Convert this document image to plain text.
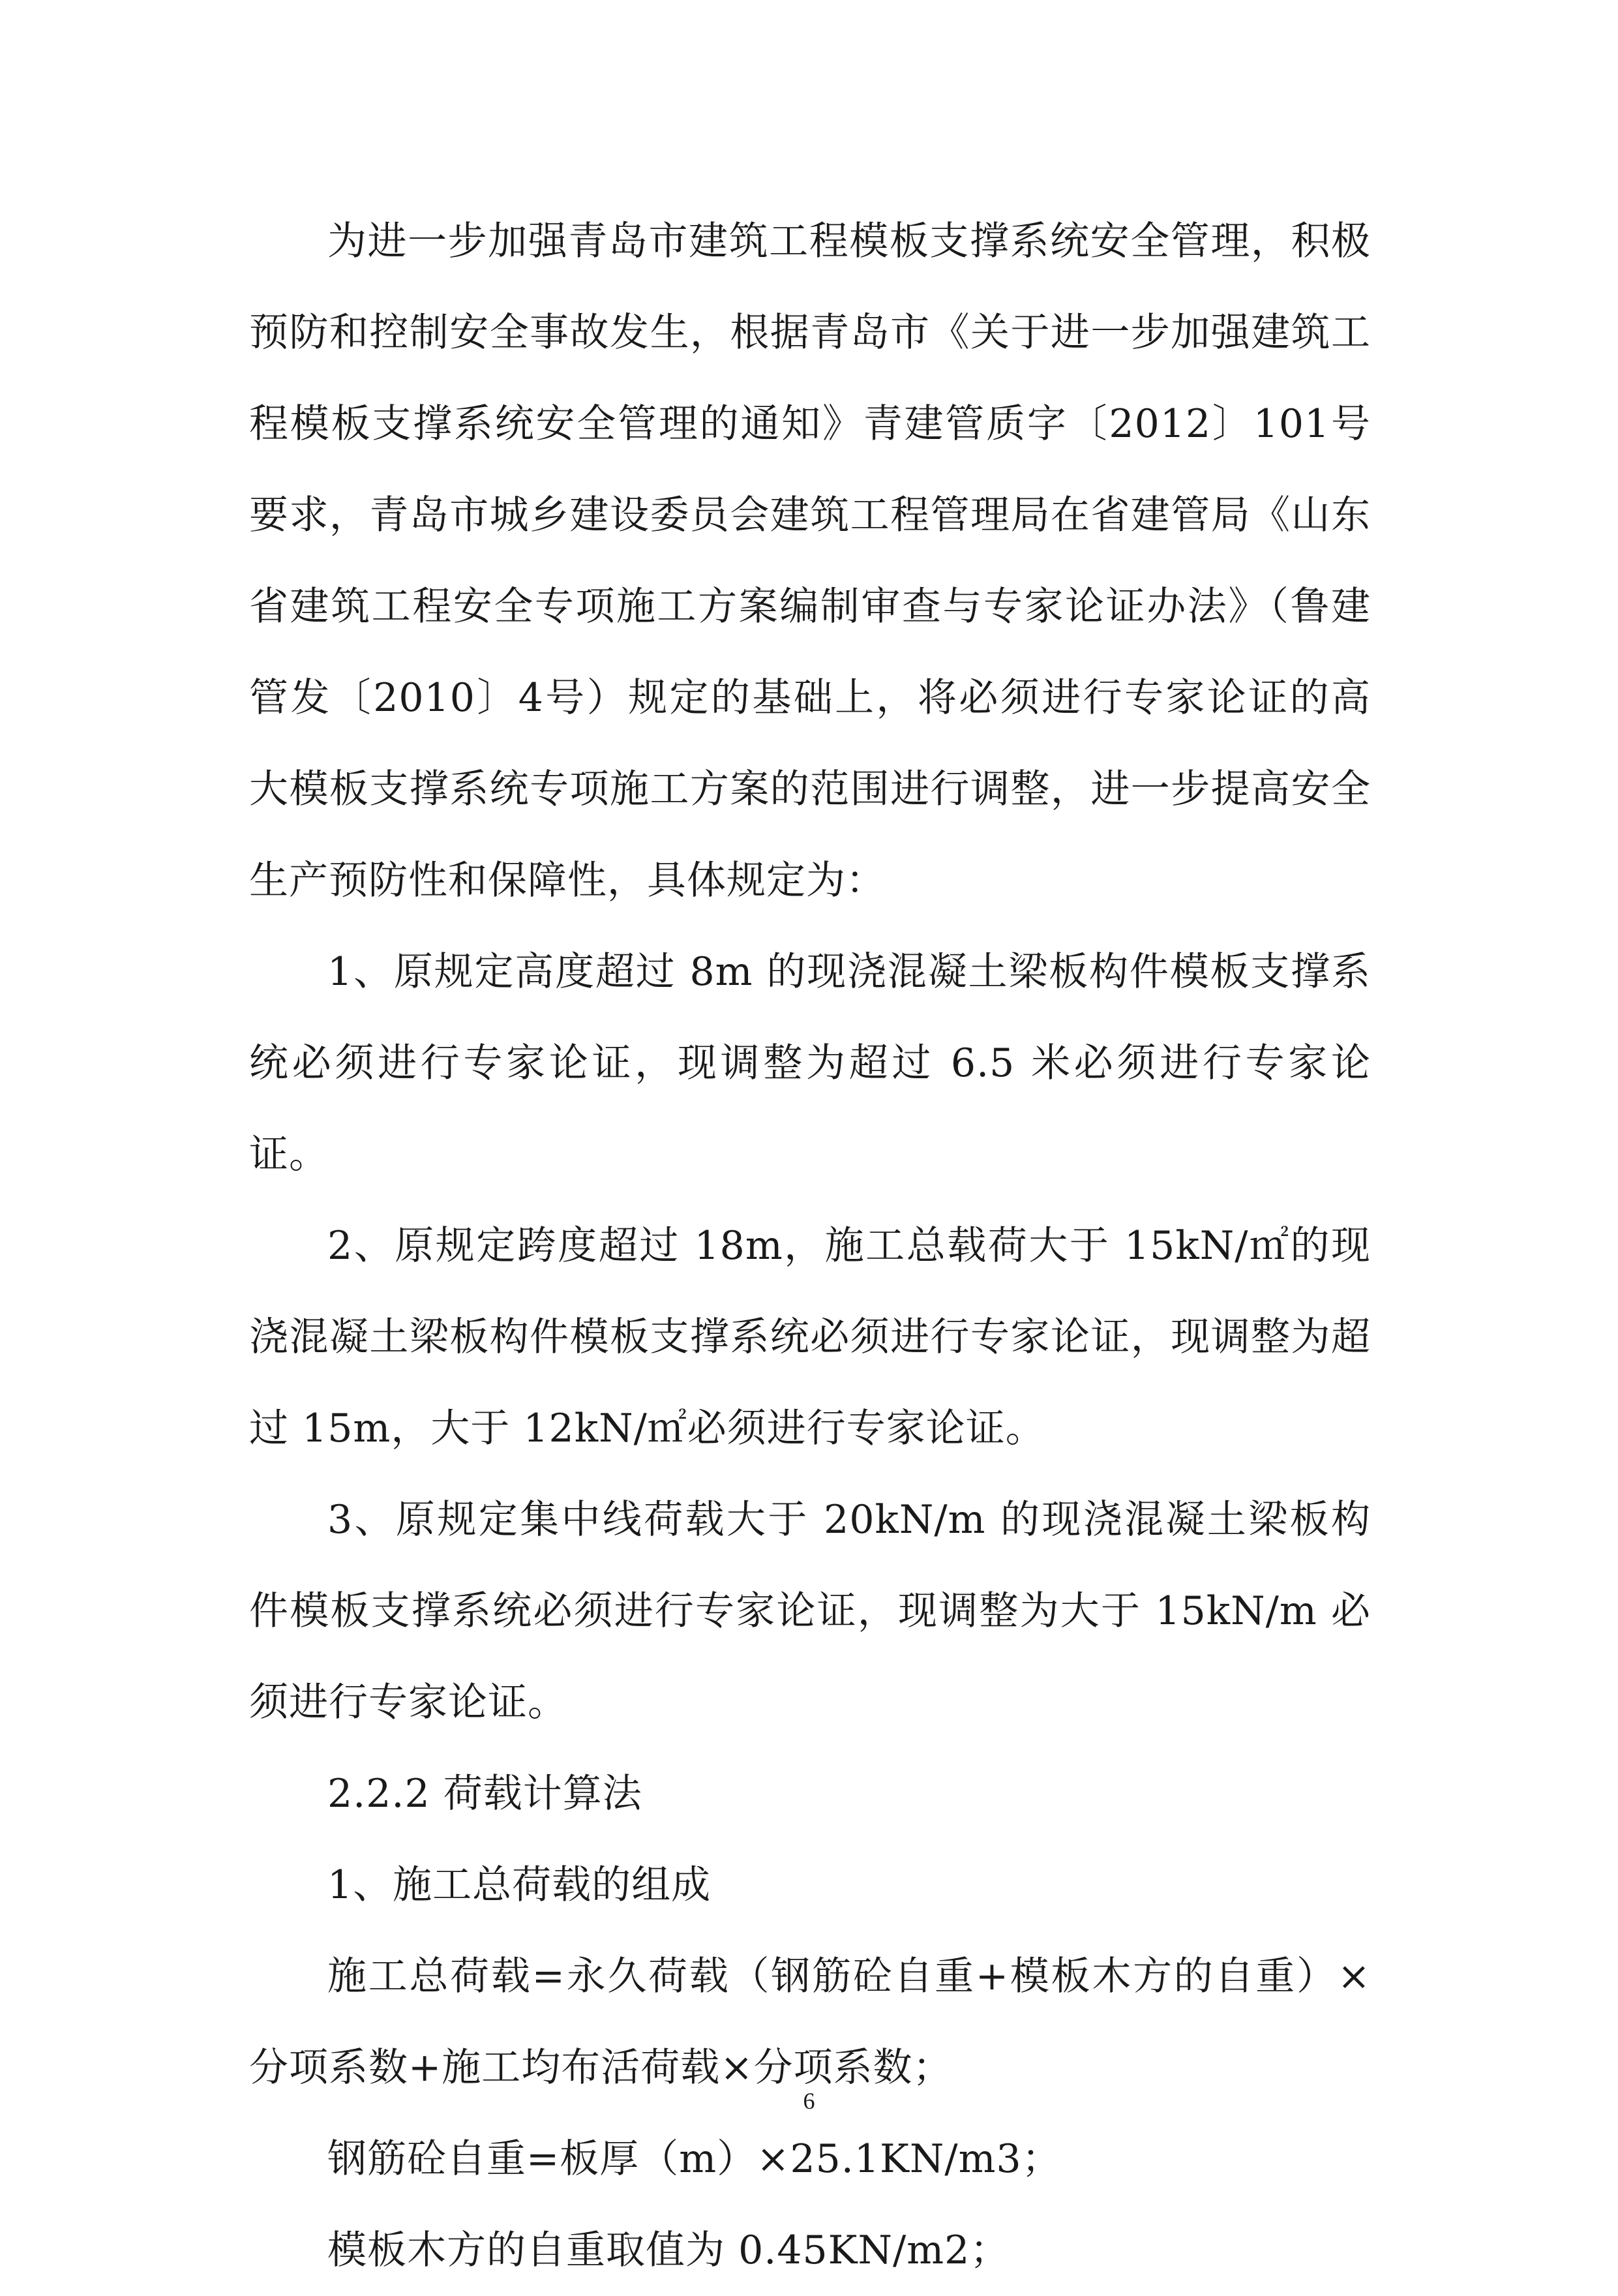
为进一步加强青岛市建筑工程模板支撑系统安全管理，积极预防和控制安全事故发生，根据青岛市《关于进一步加强建筑工程模板支撑系统安全管理的通知》青建管质字〔2012〕101号要求，青岛市城乡建设委员会建筑工程管理局在省建管局《山东省建筑工程安全专项施工方案编制审查与专家论证办法》（鲁建管发〔2010〕4号）规定的基础上，将必须进行专家论证的高大模板支撑系统专项施工方案的范围进行调整，进一步提高安全生产预防性和保障性，具体规定为：

1、原规定高度超过 8m 的现浇混凝土梁板构件模板支撑系统必须进行专家论证，现调整为超过 6.5 米必须进行专家论证。

2、原规定跨度超过 18m，施工总载荷大于 15kN/㎡的现浇混凝土梁板构件模板支撑系统必须进行专家论证，现调整为超过 15m，大于 12kN/㎡必须进行专家论证。

3、原规定集中线荷载大于 20kN/m 的现浇混凝土梁板构件模板支撑系统必须进行专家论证，现调整为大于 15kN/m 必须进行专家论证。

2.2.2 荷载计算法

1、施工总荷载的组成

施工总荷载=永久荷载（钢筋砼自重+模板木方的自重）×分项系数+施工均布活荷载×分项系数；

钢筋砼自重=板厚（m）×25.1KN/m3；

模板木方的自重取值为 0.45KN/m2；

6
